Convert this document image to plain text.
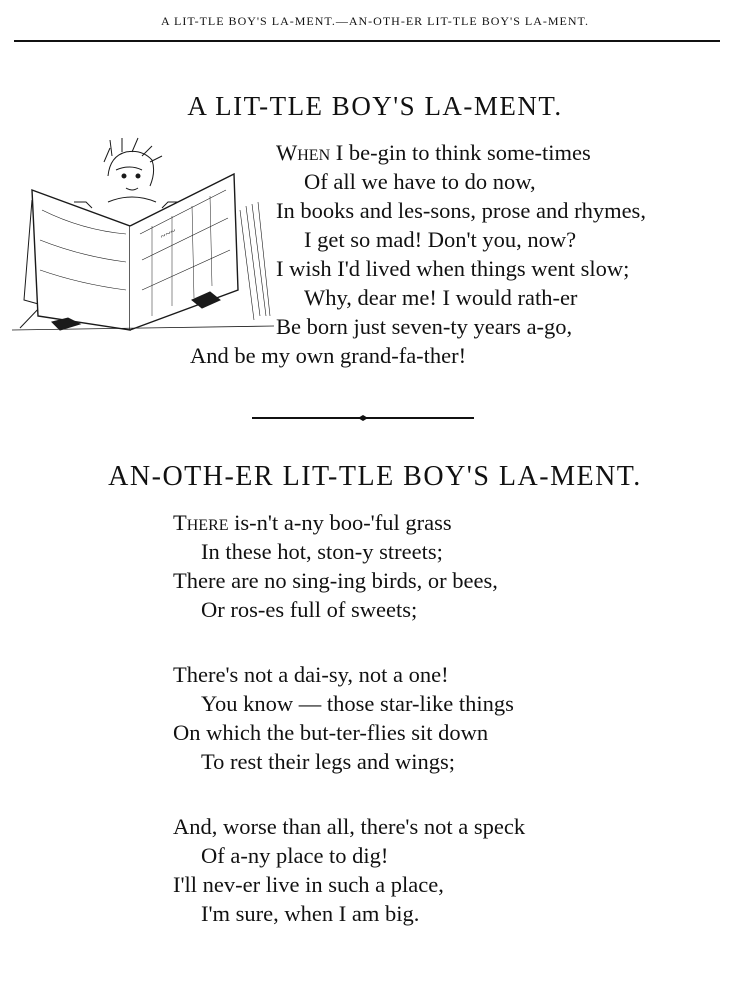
A LIT-TLE BOY'S LA-MENT.—AN-OTH-ER LIT-TLE BOY'S LA-MENT.
A LIT-TLE BOY'S LA-MENT.
~~~
When I be-gin to think some-times
Of all we have to do now,
In books and les-sons, prose and rhymes,
I get so mad! Don't you, now?
I wish I'd lived when things went slow;
Why, dear me! I would rath-er
Be born just seven-ty years a-go,
And be my own grand-fa-ther!
AN-OTH-ER LIT-TLE BOY'S LA-MENT.
There is-n't a-ny boo-'ful grass
In these hot, ston-y streets;
There are no sing-ing birds, or bees,
Or ros-es full of sweets;
There's not a dai-sy, not a one!
You know — those star-like things
On which the but-ter-flies sit down
To rest their legs and wings;
And, worse than all, there's not a speck
Of a-ny place to dig!
I'll nev-er live in such a place,
I'm sure, when I am big.
